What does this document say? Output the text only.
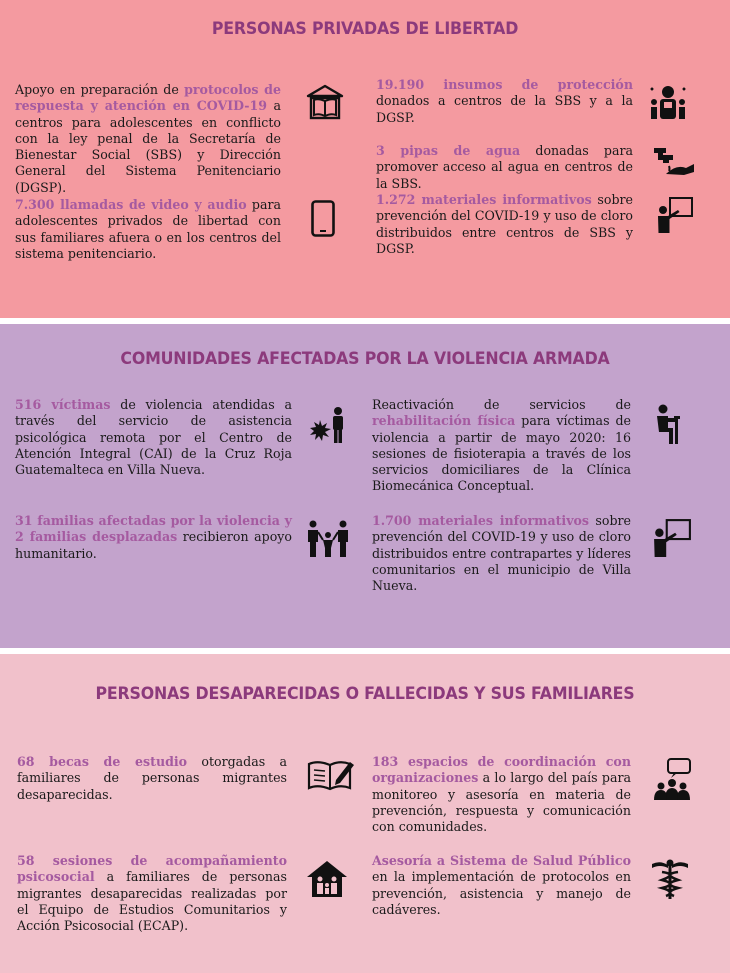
PERSONAS PRIVADAS DE LIBERTAD
Apoyo en preparación de protocolos de respuesta y atención en COVID-19 a centros para adolescentes en conflicto con la ley penal de la Secretaría de Bienestar Social (SBS) y Dirección General del Sistema Penitenciario (DGSP).
7.300 llamadas de video y audio para adolescentes privados de libertad con sus familiares afuera o en los centros del sistema penitenciario.
19.190 insumos de protección donados a centros de la SBS y a la DGSP.
3 pipas de agua donadas para promover acceso al agua en centros de la SBS.
1.272 materiales informativos sobre prevención del COVID-19 y uso de cloro distribuidos entre centros de SBS y DGSP.
COMUNIDADES AFECTADAS POR LA VIOLENCIA ARMADA
516 víctimas de violencia atendidas a través del servicio de asistencia psicológica remota por el Centro de Atención Integral (CAI) de la Cruz Roja Guatemalteca en Villa Nueva.
31 familias afectadas por la violencia y 2 familias desplazadas recibieron apoyo humanitario.
Reactivación de servicios de rehabilitación física para víctimas de violencia a partir de mayo 2020: 16 sesiones de fisioterapia a través de los servicios domiciliares de la Clínica Biomecánica Conceptual.
1.700 materiales informativos sobre prevención del COVID-19 y uso de cloro distribuidos entre contrapartes y líderes comunitarios en el municipio de Villa Nueva.
PERSONAS DESAPARECIDAS O FALLECIDAS Y SUS FAMILIARES
68 becas de estudio otorgadas a familiares de personas migrantes desaparecidas.
58 sesiones de acompañamiento psicosocial a familiares de personas migrantes desaparecidas realizadas por el Equipo de Estudios Comunitarios y Acción Psicosocial (ECAP).
183 espacios de coordinación con organizaciones a lo largo del país para monitoreo y asesoría en materia de prevención, respuesta y comunicación con comunidades.
Asesoría a Sistema de Salud Público en la implementación de protocolos en prevención, asistencia y manejo de cadáveres.
